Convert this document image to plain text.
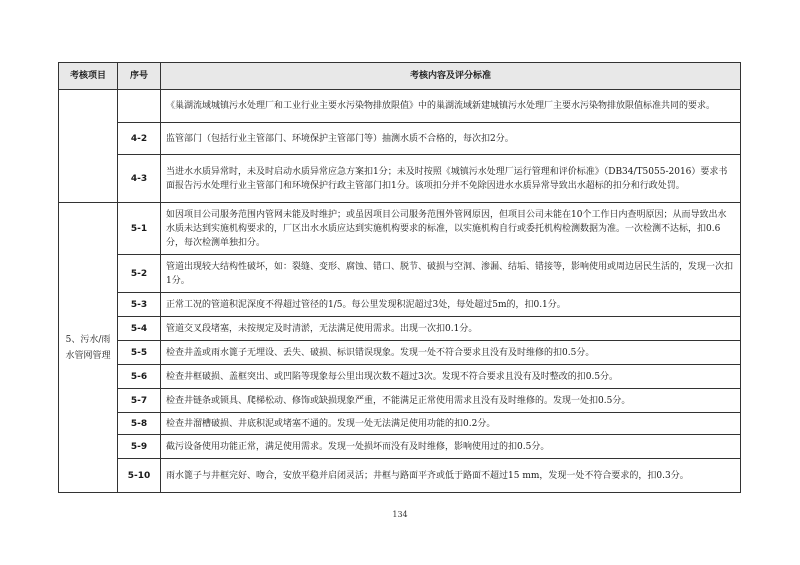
考核项目	序号	考核内容及评分标准
		《巢湖流域城镇污水处理厂和工业行业主要水污染物排放限值》中的巢湖流域新建城镇污水处理厂主要水污染物排放限值标准共同的要求。
	4-2	监管部门（包括行业主管部门、环境保护主管部门等）抽测水质不合格的，每次扣2分。
	4-3	当进水水质异常时，未及时启动水质异常应急方案扣1分；未及时按照《城镇污水处理厂运行管理和评价标准》（DB34/T5055-2016）要求书面报告污水处理行业主管部门和环境保护行政主管部门扣1分。该项扣分并不免除因进水水质异常导致出水超标的扣分和行政处罚。
5、污水/雨水管网管理	5-1	如因项目公司服务范围内管网未能及时维护；或虽因项目公司服务范围外管网原因，但项目公司未能在10个工作日内查明原因；从而导致出水水质未达到实施机构要求的，厂区出水水质应达到实施机构要求的标准，以实施机构自行或委托机构检测数据为准。一次检测不达标，扣0.6分，每次检测单独扣分。
	5-2	管道出现较大结构性破坏，如：裂缝、变形、腐蚀、错口、脱节、破损与空洞、渗漏、结垢、错接等，影响使用或周边居民生活的，发现一次扣1分。
	5-3	正常工况的管道积泥深度不得超过管径的1/5。每公里发现积泥超过3处，每处超过5m的，扣0.1分。
	5-4	管道交叉段堵塞，未按规定及时清淤，无法满足使用需求。出现一次扣0.1分。
	5-5	检查井盖或雨水篦子无埋设、丢失、破损、标识错误现象。发现一处不符合要求且没有及时维修的扣0.5分。
	5-6	检查井框破损、盖框突出、或凹陷等现象每公里出现次数不超过3次。发现不符合要求且没有及时整改的扣0.5分。
	5-7	检查井链条或锁具、爬梯松动、修饰或缺损现象严重，不能满足正常使用需求且没有及时维修的。发现一处扣0.5分。
	5-8	检查井溜槽破损、井底积泥或堵塞不通的。发现一处无法满足使用功能的扣0.2分。
	5-9	截污设备使用功能正常，满足使用需求。发现一处损坏而没有及时维修，影响使用过的扣0.5分。
	5-10	雨水篦子与井框完好、吻合，安放平稳并启闭灵活；井框与路面平齐或低于路面不超过15 mm，发现一处不符合要求的，扣0.3分。
134
